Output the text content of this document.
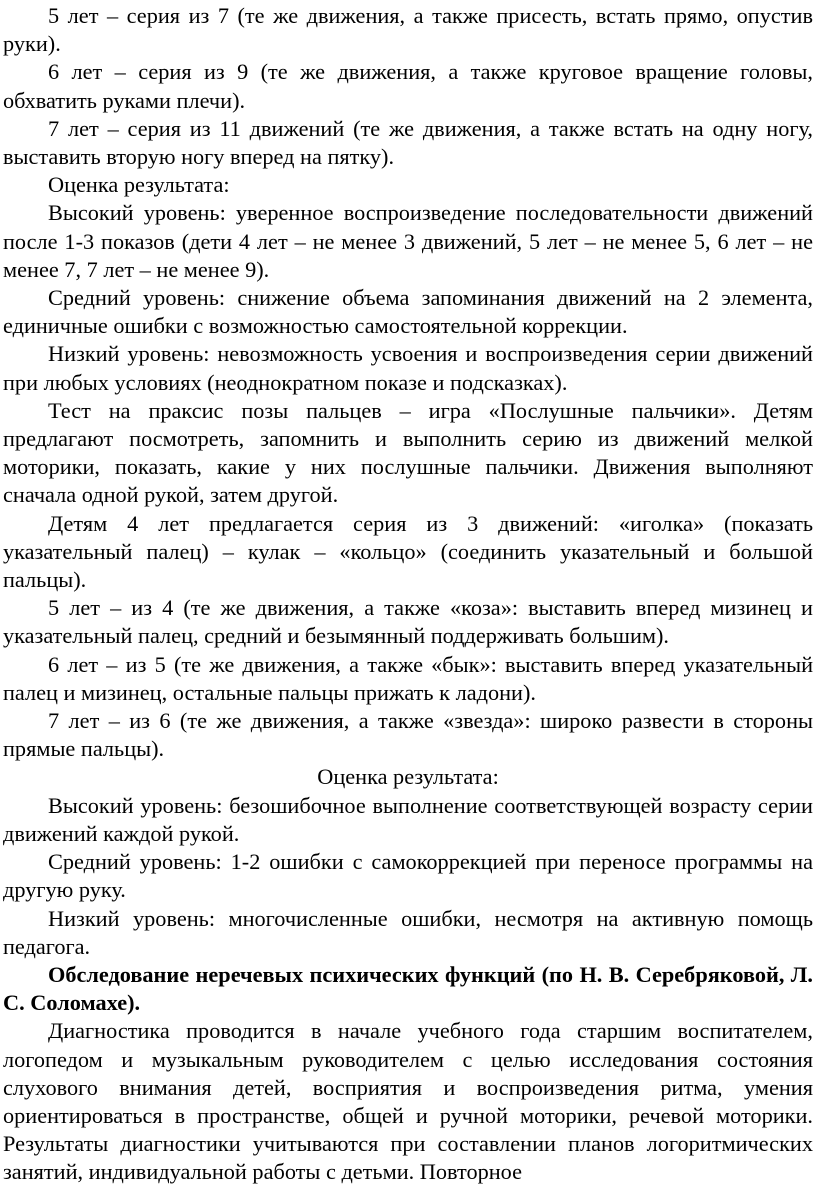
5 лет – серия из 7 (те же движения, а также присесть, встать прямо, опустив руки).

6 лет – серия из 9 (те же движения, а также круговое вращение головы, обхватить руками плечи).

7 лет – серия из 11 движений (те же движения, а также встать на одну ногу, выставить вторую ногу вперед на пятку).

Оценка результата:

Высокий уровень: уверенное воспроизведение последовательности движений после 1-3 показов (дети 4 лет – не менее 3 движений, 5 лет – не менее 5, 6 лет – не менее 7, 7 лет – не менее 9).

Средний уровень: снижение объема запоминания движений на 2 элемента, единичные ошибки с возможностью самостоятельной коррекции.

Низкий уровень: невозможность усвоения и воспроизведения серии движений при любых условиях (неоднократном показе и подсказках).

Тест на праксис позы пальцев – игра «Послушные пальчики». Детям предлагают посмотреть, запомнить и выполнить серию из движений мелкой моторики, показать, какие у них послушные пальчики. Движения выполняют сначала одной рукой, затем другой.

Детям 4 лет предлагается серия из 3 движений: «иголка» (показать указательный палец) – кулак – «кольцо» (соединить указательный и большой пальцы).

5 лет – из 4 (те же движения, а также «коза»: выставить вперед мизинец и указательный палец, средний и безымянный поддерживать большим).

6 лет – из 5 (те же движения, а также «бык»: выставить вперед указательный палец и мизинец, остальные пальцы прижать к ладони).

7 лет – из 6 (те же движения, а также «звезда»: широко развести в стороны прямые пальцы).

Оценка результата:

Высокий уровень: безошибочное выполнение соответствующей возрасту серии движений каждой рукой.

Средний уровень: 1-2 ошибки с самокоррекцией при переносе программы на другую руку.

Низкий уровень: многочисленные ошибки, несмотря на активную помощь педагога.

Обследование неречевых психических функций (по Н. В. Серебряковой, Л. С. Соломахе).

Диагностика проводится в начале учебного года старшим воспитателем, логопедом и музыкальным руководителем с целью исследования состояния слухового внимания детей, восприятия и воспроизведения ритма, умения ориентироваться в пространстве, общей и ручной моторики, речевой моторики. Результаты диагностики учитываются при составлении планов логоритмических занятий, индивидуальной работы с детьми. Повторное
